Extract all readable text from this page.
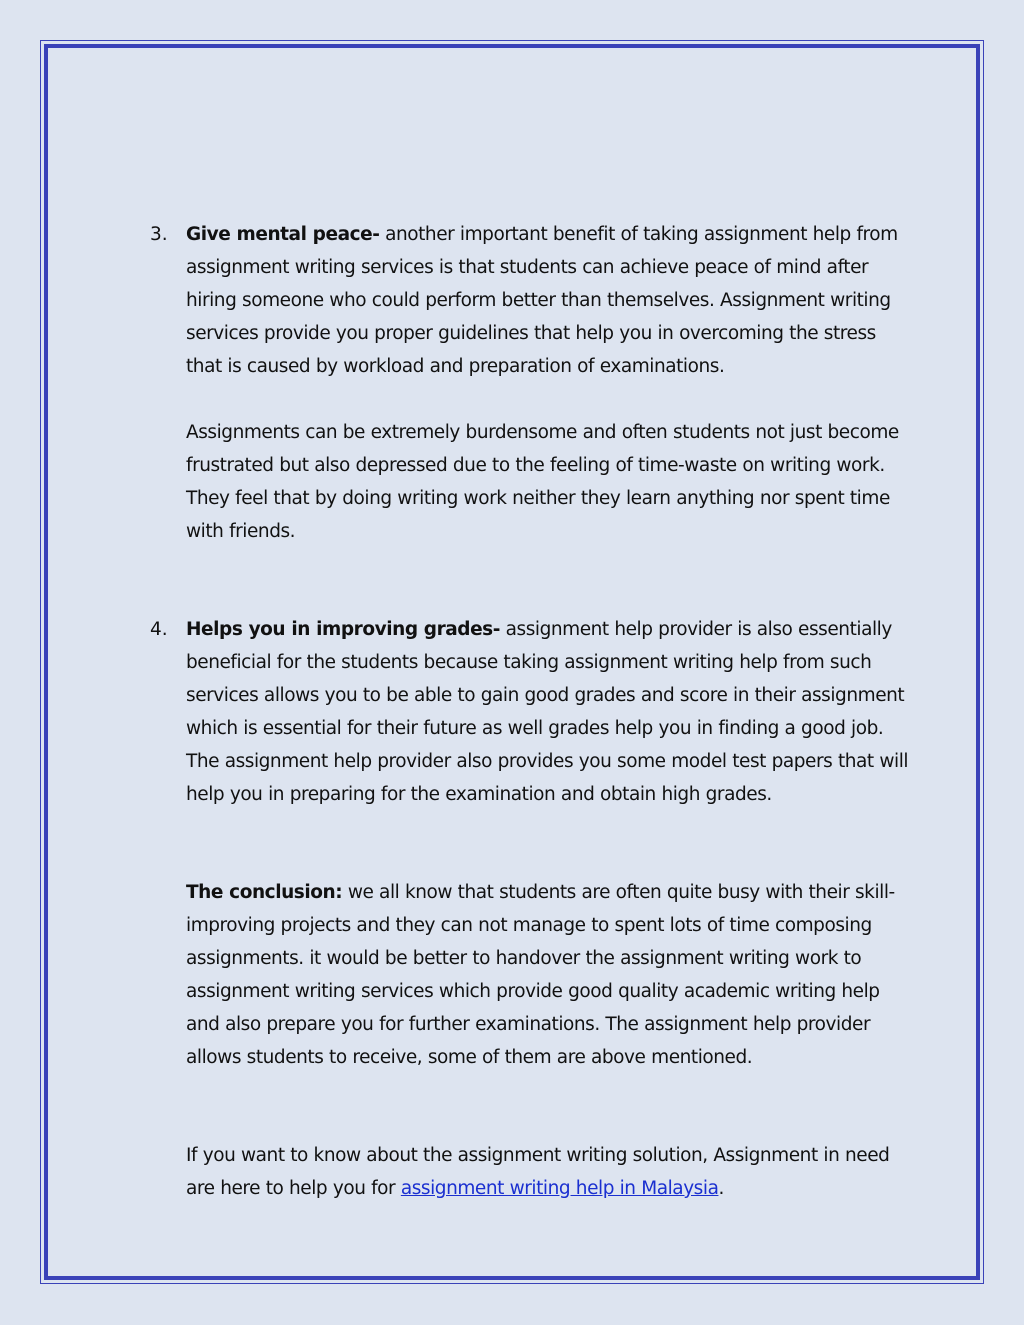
3. Give mental peace- another important benefit of taking assignment help from assignment writing services is that students can achieve peace of mind after hiring someone who could perform better than themselves. Assignment writing services provide you proper guidelines that help you in overcoming the stress that is caused by workload and preparation of examinations.
Assignments can be extremely burdensome and often students not just become frustrated but also depressed due to the feeling of time-waste on writing work. They feel that by doing writing work neither they learn anything nor spent time with friends.
4. Helps you in improving grades- assignment help provider is also essentially beneficial for the students because taking assignment writing help from such services allows you to be able to gain good grades and score in their assignment which is essential for their future as well grades help you in finding a good job. The assignment help provider also provides you some model test papers that will help you in preparing for the examination and obtain high grades.
The conclusion: we all know that students are often quite busy with their skill-improving projects and they can not manage to spent lots of time composing assignments. it would be better to handover the assignment writing work to assignment writing services which provide good quality academic writing help and also prepare you for further examinations. The assignment help provider allows students to receive, some of them are above mentioned.
If you want to know about the assignment writing solution, Assignment in need are here to help you for assignment writing help in Malaysia.
